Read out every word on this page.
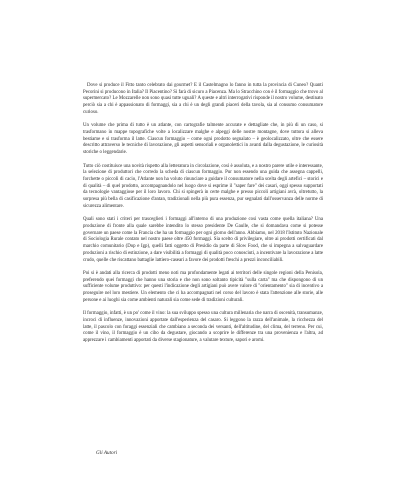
Dove si produce il Fitto tanto celebrato dai gourmet? E il Castelmagno lo fanno in tutta la provincia di Cuneo? Quanti Pecorini si producono in Italia? Il Piacentino? Si farà di sicuro a Piacenza. Ma lo Stracchino con è il formaggio che trovo al supermercato? Le Mozzarelle non sono quasi tutte uguali? A queste e altri interrogativi risponde il nostro volume, destinato perciò sia a chi è appassionato di formaggi, sia a chi è un degli grandi piaceri della tavola, sia al consumo consumatore curioso.

Un volume che prima di tutto è un atlante, con cartografie talmente accurate e dettagliate che, in più di un caso, si trasformano in mappe topografiche volte a localizzare malghe e alpeggi delle nostre montagne, dove tuttora si alleva bestiame e si trasforma il latte. Ciascun formaggio – come ogni prodotto segnalato – è geolocalizzato, oltre che essere descritto attraverso le tecniche di lavorazione, gli aspetti sensoriali e organolettici in avanti dalla degustazione, le curiosità storiche o leggendarie.

Tutto ciò costituisce una novità rispetto alla letteratura in circolazione, così è assoluta, e a nostro parere utile e interessante, la selezione di produttori che corredo la scheda di ciascun formaggio. Pur non essendo una guida che assegna cappelli, forchette o piccoli di cacio, l'Atlante non ha voluto rinunciare a guidare il consumatore nella scelta degli artefici – storici e di qualità – di quel prodotto, accompagnandolo nel luogo dove si esprime il "saper fare" dei casari, oggi spesso supportati da tecnologie vantaggiose per il loro lavoro. Chi si spingerà in certe malghe e presso piccoli artigiani avrà, oltretutto, la sorpresa più bella di casificazione d'antan, tradizionali nella più pura essenza, pur segnalati dall'osservanza delle norme di sicurezza alimentare.

Quali sono stati i criteri per trasceglieri i formaggi all'interno di una produzione così vasta come quella italiana? Una produzione di fronte alla quale sarebbe intendito lo stesso presidente De Gaulle, che si domandava come si potesse governare un paese come la Francia che ha un formaggio per ogni giorno dell'anno. Abbiamo, nel 2018 l'Istituto Nazionale di Sociologia Rurale contato nel nostro paese oltre 450 formaggi. Sia scelto di privilegiare, oltre ai prodotti certificati dal marchio comunitario (Dop e Igp), quelli fatti oggetto di Presidio da parte di Slow Food, che si impegna a salvaguardare produzioni a rischio di estinzione, a dare visibilità a formaggi di qualità poco conosciuti, a incentivare la lavorazione a latte crudo, quelle che riscattano battaglie lattiero-caseari a favore dei prodotti freschi a prezzi inconciliabili.

Poi si è andati alla ricerca di prodotti meno noti ma profondamente legati ai territori delle singole regioni della Penisola, preferendo quei formaggi che hanno una storia e che non sono soltanto tipicità "sulla carta" ma che dispongono di un sufficiente volume produttivo: per questi l'indicazione degli artigiani può avere valore di "orientamento" sia di incentivo a proseguire nel loro mestiere. Un elemento che ci ha accompagnati nel corso del lavoro è stata l'attenzione alle storie, alle persone e ai luoghi sia come ambienti naturali sia come sede di tradizioni culturali.

Il formaggio, infatti, è un po' come il vino: la sua sviluppo spesso una cultura millenaria che narra di oscenità, transumanze, incroci di influenze, innovazioni apportate dall'esperienza del casaro. Si leggono la razza dell'animale, la ricchezza del latte, il pascolo con foraggi essenziali che cambiano a seconda dei versanti, dell'altitudine, del clima, del terreno. Per cui, come il vino, il formaggio è un cibo da degustare, giocando a scoprire le differenze tra una provenienza e l'altra, ad apprezzare i cambiamenti apportati da diverse stagionature, a valutare texture, sapori e aromi.

Gli Autori
